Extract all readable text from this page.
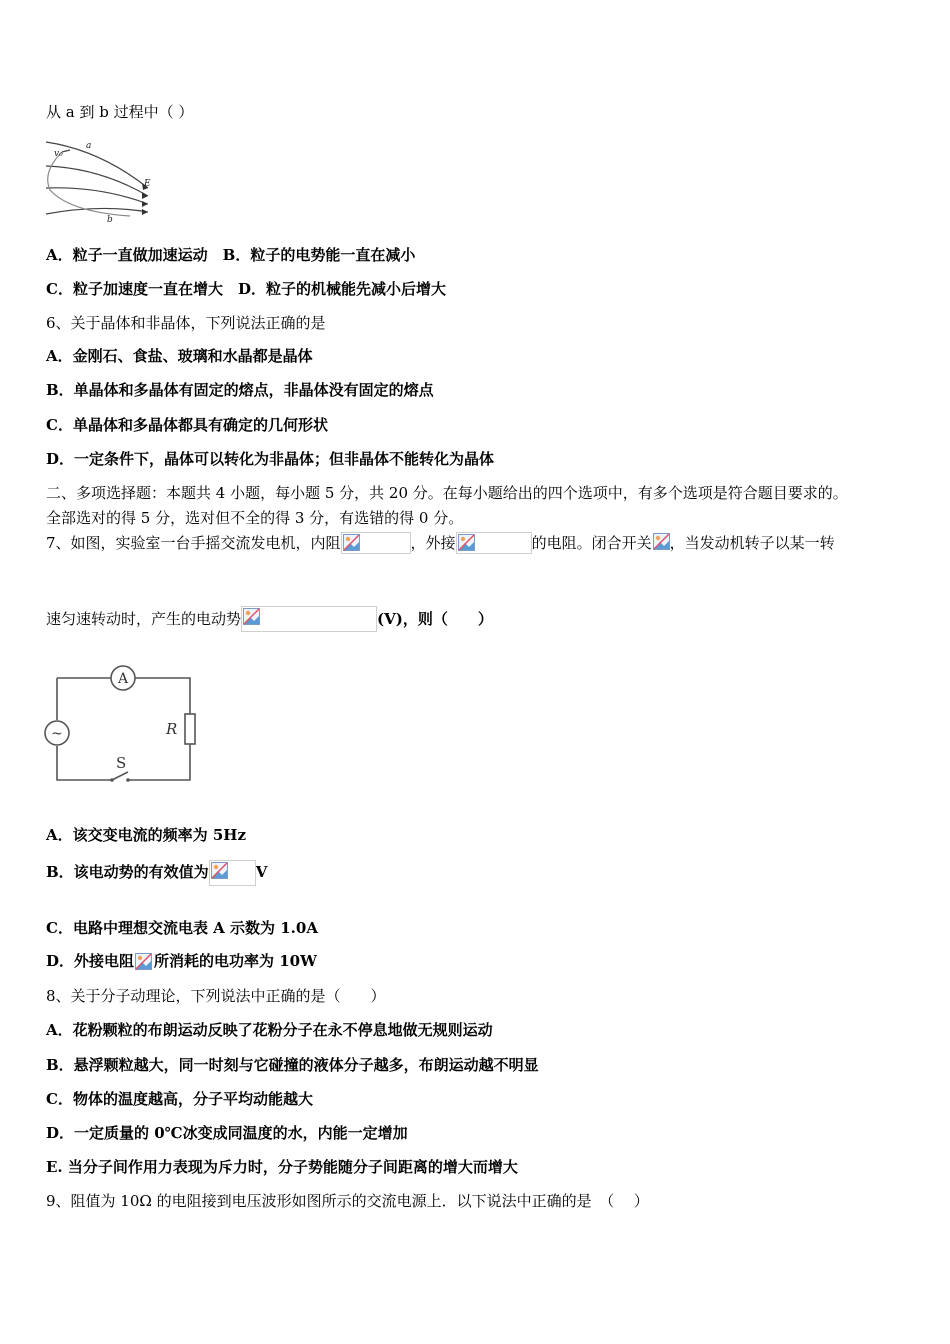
从 a 到 b 过程中（ ）
a
v₀
E
b
A．粒子一直做加速运动　B．粒子的电势能一直在减小
C．粒子加速度一直在增大　D．粒子的机械能先减小后增大
6、关于晶体和非晶体，下列说法正确的是
A．金刚石、食盐、玻璃和水晶都是晶体
B．单晶体和多晶体有固定的熔点，非晶体没有固定的熔点
C．单晶体和多晶体都具有确定的几何形状
D．一定条件下，晶体可以转化为非晶体；但非晶体不能转化为晶体
二、多项选择题：本题共 4 小题，每小题 5 分，共 20 分。在每小题给出的四个选项中，有多个选项是符合题目要求的。
全部选对的得 5 分，选对但不全的得 3 分，有选错的得 0 分。
7、如图，实验室一台手摇交流发电机，内阻	，外接	的电阻。闭合开关 ，当发动机转子以某一转
速匀速转动时，产生的电动势	(V)，则（　　）
A
R
S
~
A．该交变电流的频率为 5Hz
B．该电动势的有效值为	V
C．电路中理想交流电表 A 示数为 1.0A
D．外接电阻 所消耗的电功率为 10W
8、关于分子动理论，下列说法中正确的是（　　）
A．花粉颗粒的布朗运动反映了花粉分子在永不停息地做无规则运动
B．悬浮颗粒越大，同一时刻与它碰撞的液体分子越多，布朗运动越不明显
C．物体的温度越高，分子平均动能越大
D．一定质量的 0℃冰变成同温度的水，内能一定增加
E. 当分子间作用力表现为斥力时，分子势能随分子间距离的增大而增大
9、阻值为 10Ω 的电阻接到电压波形如图所示的交流电源上．以下说法中正确的是　（　 ）
